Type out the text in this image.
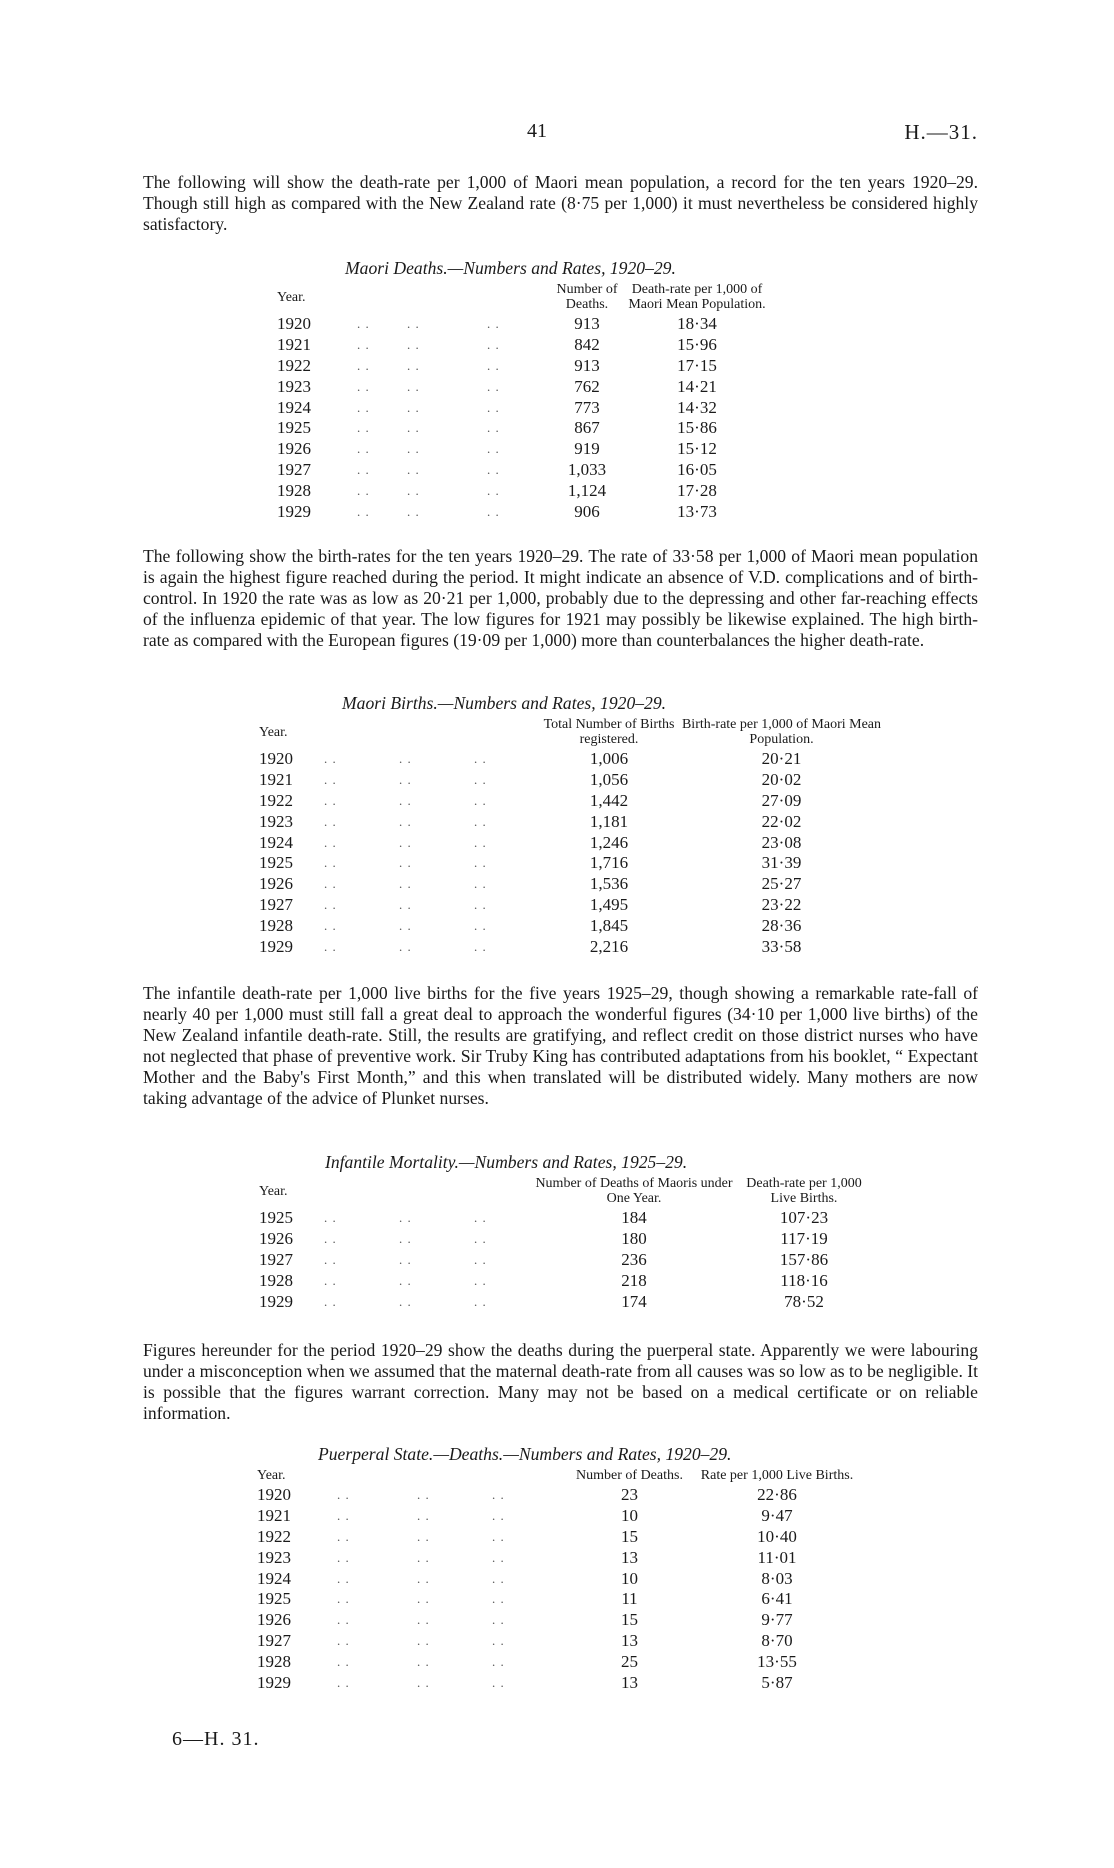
41	H.—31.

The following will show the death-rate per 1,000 of Maori mean population, a record for the ten years 1920–29. Though still high as compared with the New Zealand rate (8·75 per 1,000) it must nevertheless be considered highly satisfactory.

Maori Deaths.—Numbers and Rates, 1920–29.
Year.				Number of Deaths.	Death-rate per 1,000 of Maori Mean Population.
1920	. .	. .	. .	913	18·34
1921	. .	. .	. .	842	15·96
1922	. .	. .	. .	913	17·15
1923	. .	. .	. .	762	14·21
1924	. .	. .	. .	773	14·32
1925	. .	. .	. .	867	15·86
1926	. .	. .	. .	919	15·12
1927	. .	. .	. .	1,033	16·05
1928	. .	. .	. .	1,124	17·28
1929	. .	. .	. .	906	13·73

The following show the birth-rates for the ten years 1920–29. The rate of 33·58 per 1,000 of Maori mean population is again the highest figure reached during the period. It might indicate an absence of V.D. complications and of birth-control. In 1920 the rate was as low as 20·21 per 1,000, probably due to the depressing and other far-reaching effects of the influenza epidemic of that year. The low figures for 1921 may possibly be likewise explained. The high birth-rate as compared with the European figures (19·09 per 1,000) more than counterbalances the higher death-rate.

Maori Births.—Numbers and Rates, 1920–29.
Year.				Total Number of Births registered.	Birth-rate per 1,000 of Maori Mean Population.
1920	. .	. .	. .	1,006	20·21
1921	. .	. .	. .	1,056	20·02
1922	. .	. .	. .	1,442	27·09
1923	. .	. .	. .	1,181	22·02
1924	. .	. .	. .	1,246	23·08
1925	. .	. .	. .	1,716	31·39
1926	. .	. .	. .	1,536	25·27
1927	. .	. .	. .	1,495	23·22
1928	. .	. .	. .	1,845	28·36
1929	. .	. .	. .	2,216	33·58

The infantile death-rate per 1,000 live births for the five years 1925–29, though showing a remarkable rate-fall of nearly 40 per 1,000 must still fall a great deal to approach the wonderful figures (34·10 per 1,000 live births) of the New Zealand infantile death-rate. Still, the results are gratifying, and reflect credit on those district nurses who have not neglected that phase of preventive work. Sir Truby King has contributed adaptations from his booklet, “ Expectant Mother and the Baby's First Month,” and this when translated will be distributed widely. Many mothers are now taking advantage of the advice of Plunket nurses.

Infantile Mortality.—Numbers and Rates, 1925–29.
Year.				Number of Deaths of Maoris under One Year.	Death-rate per 1,000 Live Births.
1925	. .	. .	. .	184	107·23
1926	. .	. .	. .	180	117·19
1927	. .	. .	. .	236	157·86
1928	. .	. .	. .	218	118·16
1929	. .	. .	. .	174	78·52

Figures hereunder for the period 1920–29 show the deaths during the puerperal state. Apparently we were labouring under a misconception when we assumed that the maternal death-rate from all causes was so low as to be negligible. It is possible that the figures warrant correction. Many may not be based on a medical certificate or on reliable information.

Puerperal State.—Deaths.—Numbers and Rates, 1920–29.
Year.				Number of Deaths.	Rate per 1,000 Live Births.
1920	. .	. .	. .	23	22·86
1921	. .	. .	. .	10	9·47
1922	. .	. .	. .	15	10·40
1923	. .	. .	. .	13	11·01
1924	. .	. .	. .	10	8·03
1925	. .	. .	. .	11	6·41
1926	. .	. .	. .	15	9·77
1927	. .	. .	. .	13	8·70
1928	. .	. .	. .	25	13·55
1929	. .	. .	. .	13	5·87
6—H. 31.
